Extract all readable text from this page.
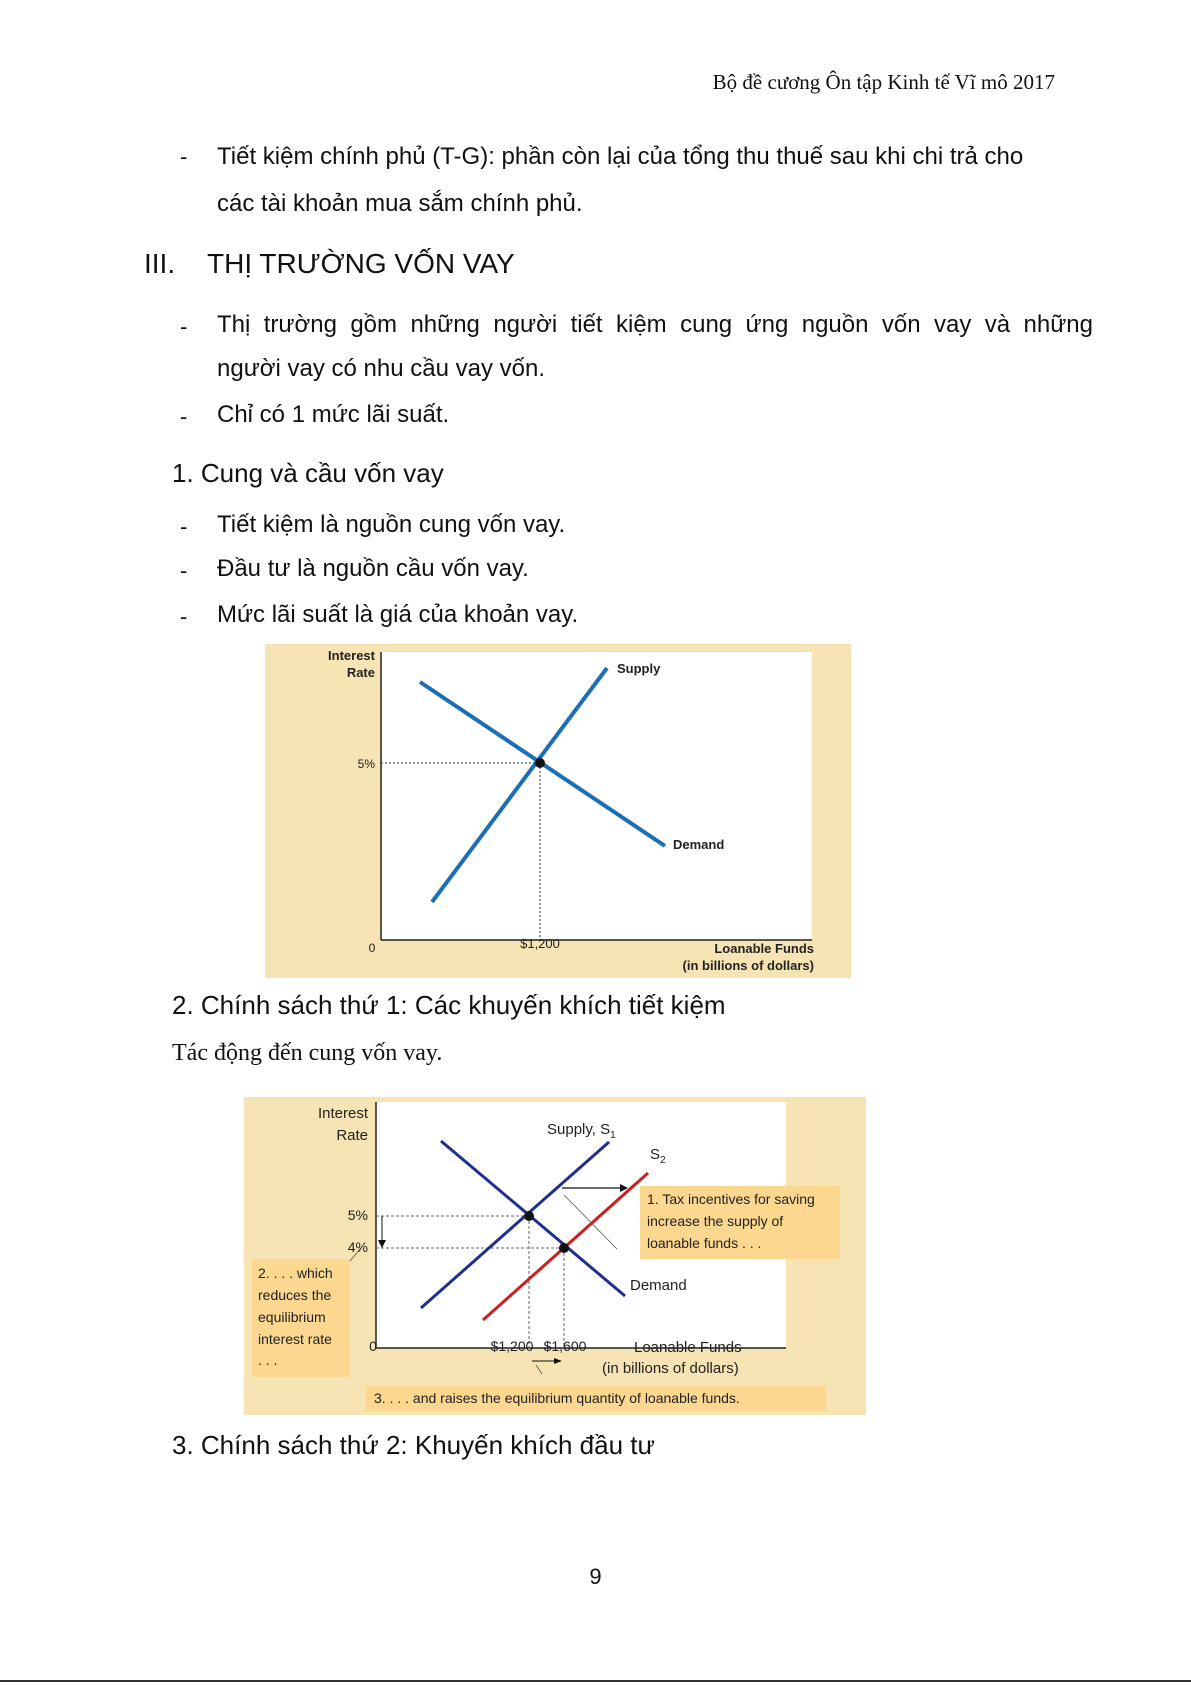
Bộ đề cương Ôn tập Kinh tế Vĩ mô 2017
- Tiết kiệm chính phủ (T-G): phần còn lại của tổng thu thuế sau khi chi trả cho
các tài khoản mua sắm chính phủ.
III. THỊ TRƯỜNG VỐN VAY
- Thị trường gồm những người tiết kiệm cung ứng nguồn vốn vay và những
người vay có nhu cầu vay vốn.
- Chỉ có 1 mức lãi suất.
1. Cung và cầu vốn vay
- Tiết kiệm là nguồn cung vốn vay.
- Đầu tư là nguồn cầu vốn vay.
- Mức lãi suất là giá của khoản vay.
Interest
Rate
5%
0	$1,200
Supply
Demand
Loanable Funds
(in billions of dollars)
2. Chính sách thứ 1: Các khuyến khích tiết kiệm
Tác động đến cung vốn vay.
Interest
Rate
5%
4%
0	$1,200 $1,600	Loanable Funds
(in billions of dollars)
Supply, $S_1$
$S_2$
Demand
1. Tax incentives for saving
increase the supply of
loanable funds . . .
2. . . . which
reduces the
equilibrium
interest rate
. . .
3. . . . and raises the equilibrium quantity of loanable funds.
3. Chính sách thứ 2: Khuyến khích đầu tư
9
